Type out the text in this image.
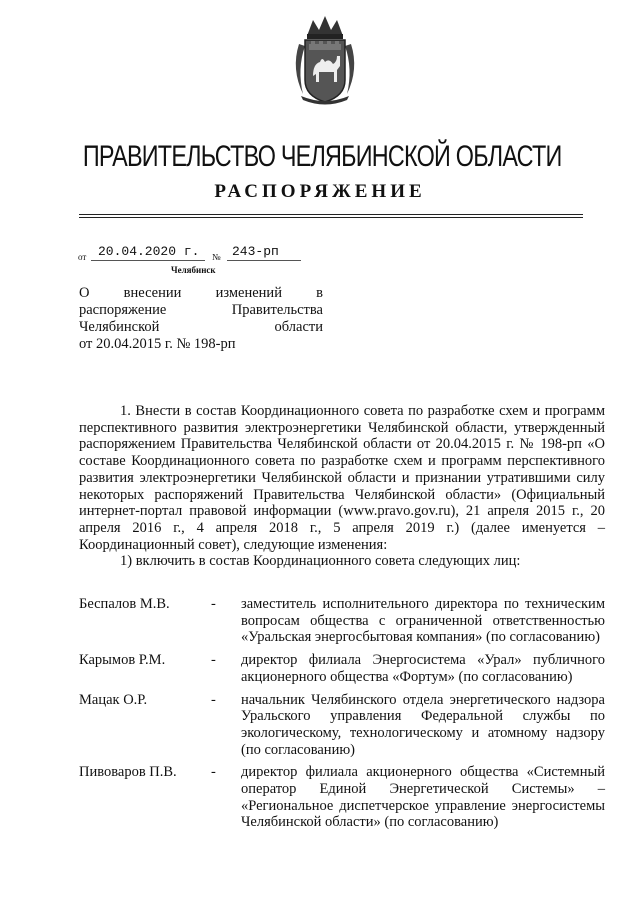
ПРАВИТЕЛЬСТВО ЧЕЛЯБИНСКОЙ ОБЛАСТИ
РАСПОРЯЖЕНИЕ
от 20.04.2020 г. № 243-рп
Челябинск
О внесении изменений в
распоряжение Правительства
Челябинской области
от 20.04.2015 г. № 198-рп

1. Внести в состав Координационного совета по разработке схем и программ перспективного развития электроэнергетики Челябинской области, утвержденный распоряжением Правительства Челябинской области от 20.04.2015 г. № 198-рп «О составе Координационного совета по разработке схем и программ перспективного развития электроэнергетики Челябинской области и признании утратившими силу некоторых распоряжений Правительства Челябинской области» (Официальный интернет-портал правовой информации (www.pravo.gov.ru), 21 апреля 2015 г., 20 апреля 2016 г., 4 апреля 2018 г., 5 апреля 2019 г.) (далее именуется – Координационный совет), следующие изменения:

1) включить в состав Координационного совета следующих лиц:

Беспалов М.В.	- заместитель исполнительного директора по техническим вопросам общества с ограниченной ответственностью «Уральская энергосбытовая компания» (по согласованию)
Карымов Р.М.	- директор филиала Энергосистема «Урал» публичного акционерного общества «Фортум» (по согласованию)
Мацак О.Р.	- начальник Челябинского отдела энергетического надзора Уральского управления Федеральной службы по экологическому, технологическому и атомному надзору (по согласованию)
Пивоваров П.В. - директор филиала акционерного общества «Системный оператор Единой Энергетической Системы» – «Региональное диспетчерское управление энергосистемы Челябинской области» (по согласованию)
